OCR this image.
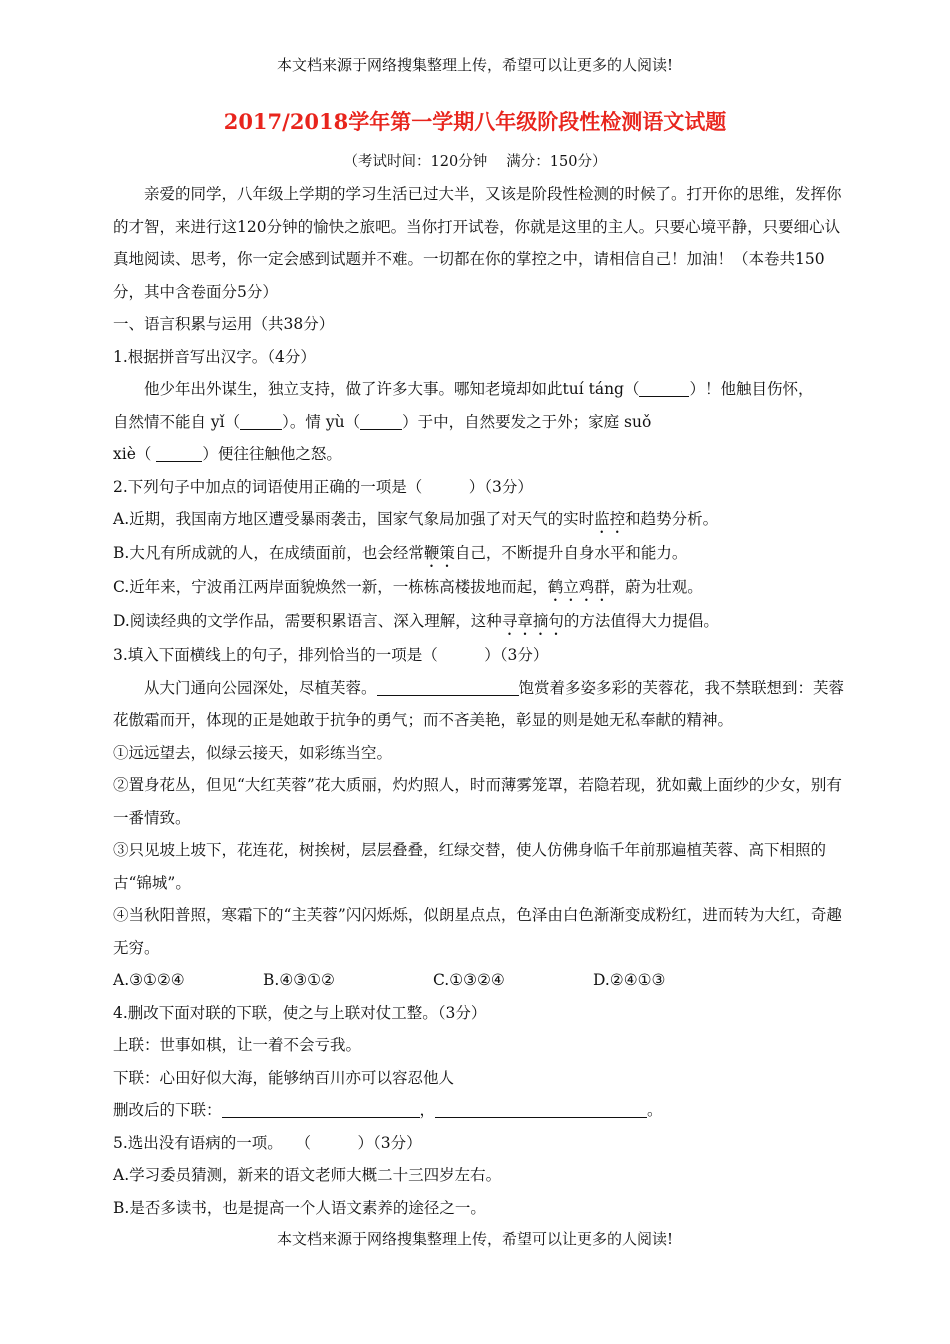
本文档来源于网络搜集整理上传，希望可以让更多的人阅读!
2017/2018学年第一学期八年级阶段性检测语文试题
（考试时间：120分钟　 满分：150分）

亲爱的同学，八年级上学期的学习生活已过大半，又该是阶段性检测的时候了。打开你的思维，发挥你的才智，来进行这120分钟的愉快之旅吧。当你打开试卷，你就是这里的主人。只要心境平静，只要细心认真地阅读、思考，你一定会感到试题并不难。一切都在你的掌控之中，请相信自己！加油！（本卷共150分，其中含卷面分5分）

一、语言积累与运用（共38分）

1.根据拼音写出汉字。（4分）

他少年出外谋生，独立支持，做了许多大事。哪知老境却如此tuí táng（	）！他触目伤怀，

自然情不能自 yǐ（	）。情 yù（	）于中，自然要发之于外；家庭 suǒ

xiè（	）便往往触他之怒。

2.下列句子中加点的词语使用正确的一项是（　　　）（3分）

A.近期，我国南方地区遭受暴雨袭击，国家气象局加强了对天气的实时监控和趋势分析。

B.大凡有所成就的人，在成绩面前，也会经常鞭策自己，不断提升自身水平和能力。

C.近年来，宁波甬江两岸面貌焕然一新，一栋栋高楼拔地而起，鹤立鸡群，蔚为壮观。

D.阅读经典的文学作品，需要积累语言、深入理解，这种寻章摘句的方法值得大力提倡。

3.填入下面横线上的句子，排列恰当的一项是（　　　）（3分）

从大门通向公园深处，尽植芙蓉。	饱赏着多姿多彩的芙蓉花，我不禁联想到：芙蓉花傲霜而开，体现的正是她敢于抗争的勇气；而不吝美艳，彰显的则是她无私奉献的精神。

①远远望去，似绿云接天，如彩练当空。

②置身花丛，但见“大红芙蓉”花大质丽，灼灼照人，时而薄雾笼罩，若隐若现，犹如戴上面纱的少女，别有一番情致。

③只见坡上坡下，花连花，树挨树，层层叠叠，红绿交替，使人仿佛身临千年前那遍植芙蓉、高下相照的古“锦城”。

④当秋阳普照，寒霜下的“主芙蓉”闪闪烁烁，似朗星点点，色泽由白色渐渐变成粉红，进而转为大红，奇趣无穷。

A.③①②④	B.④③①②	C.①③②④	D.②④①③

4.删改下面对联的下联，使之与上联对仗工整。（3分）

上联：世事如棋，让一着不会亏我。

下联：心田好似大海，能够纳百川亦可以容忍他人

删改后的下联：	，	。

5.选出没有语病的一项。　 （　　　）（3分）

A.学习委员猜测，新来的语文老师大概二十三四岁左右。

B.是否多读书，也是提高一个人语文素养的途径之一。

本文档来源于网络搜集整理上传，希望可以让更多的人阅读!
